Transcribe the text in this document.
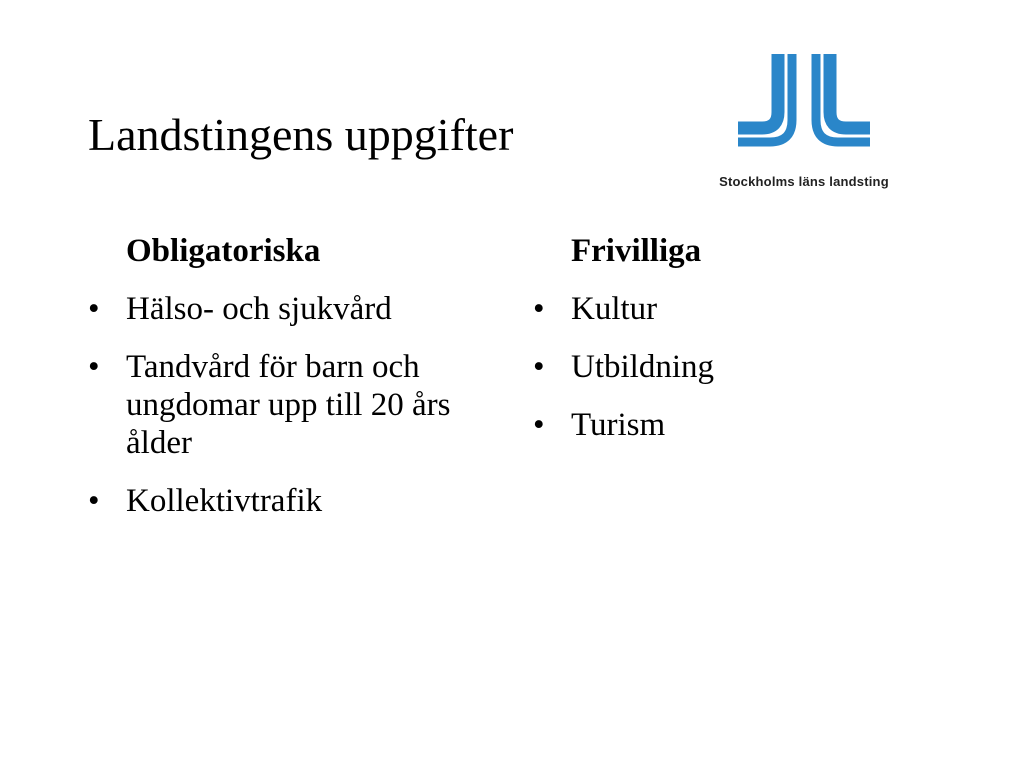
Landstingens uppgifter
Stockholms läns landsting
Obligatoriska
• Hälso- och sjukvård
• Tandvård för barn och ungdomar upp till 20 års ålder
• Kollektivtrafik
Frivilliga
• Kultur
• Utbildning
• Turism
